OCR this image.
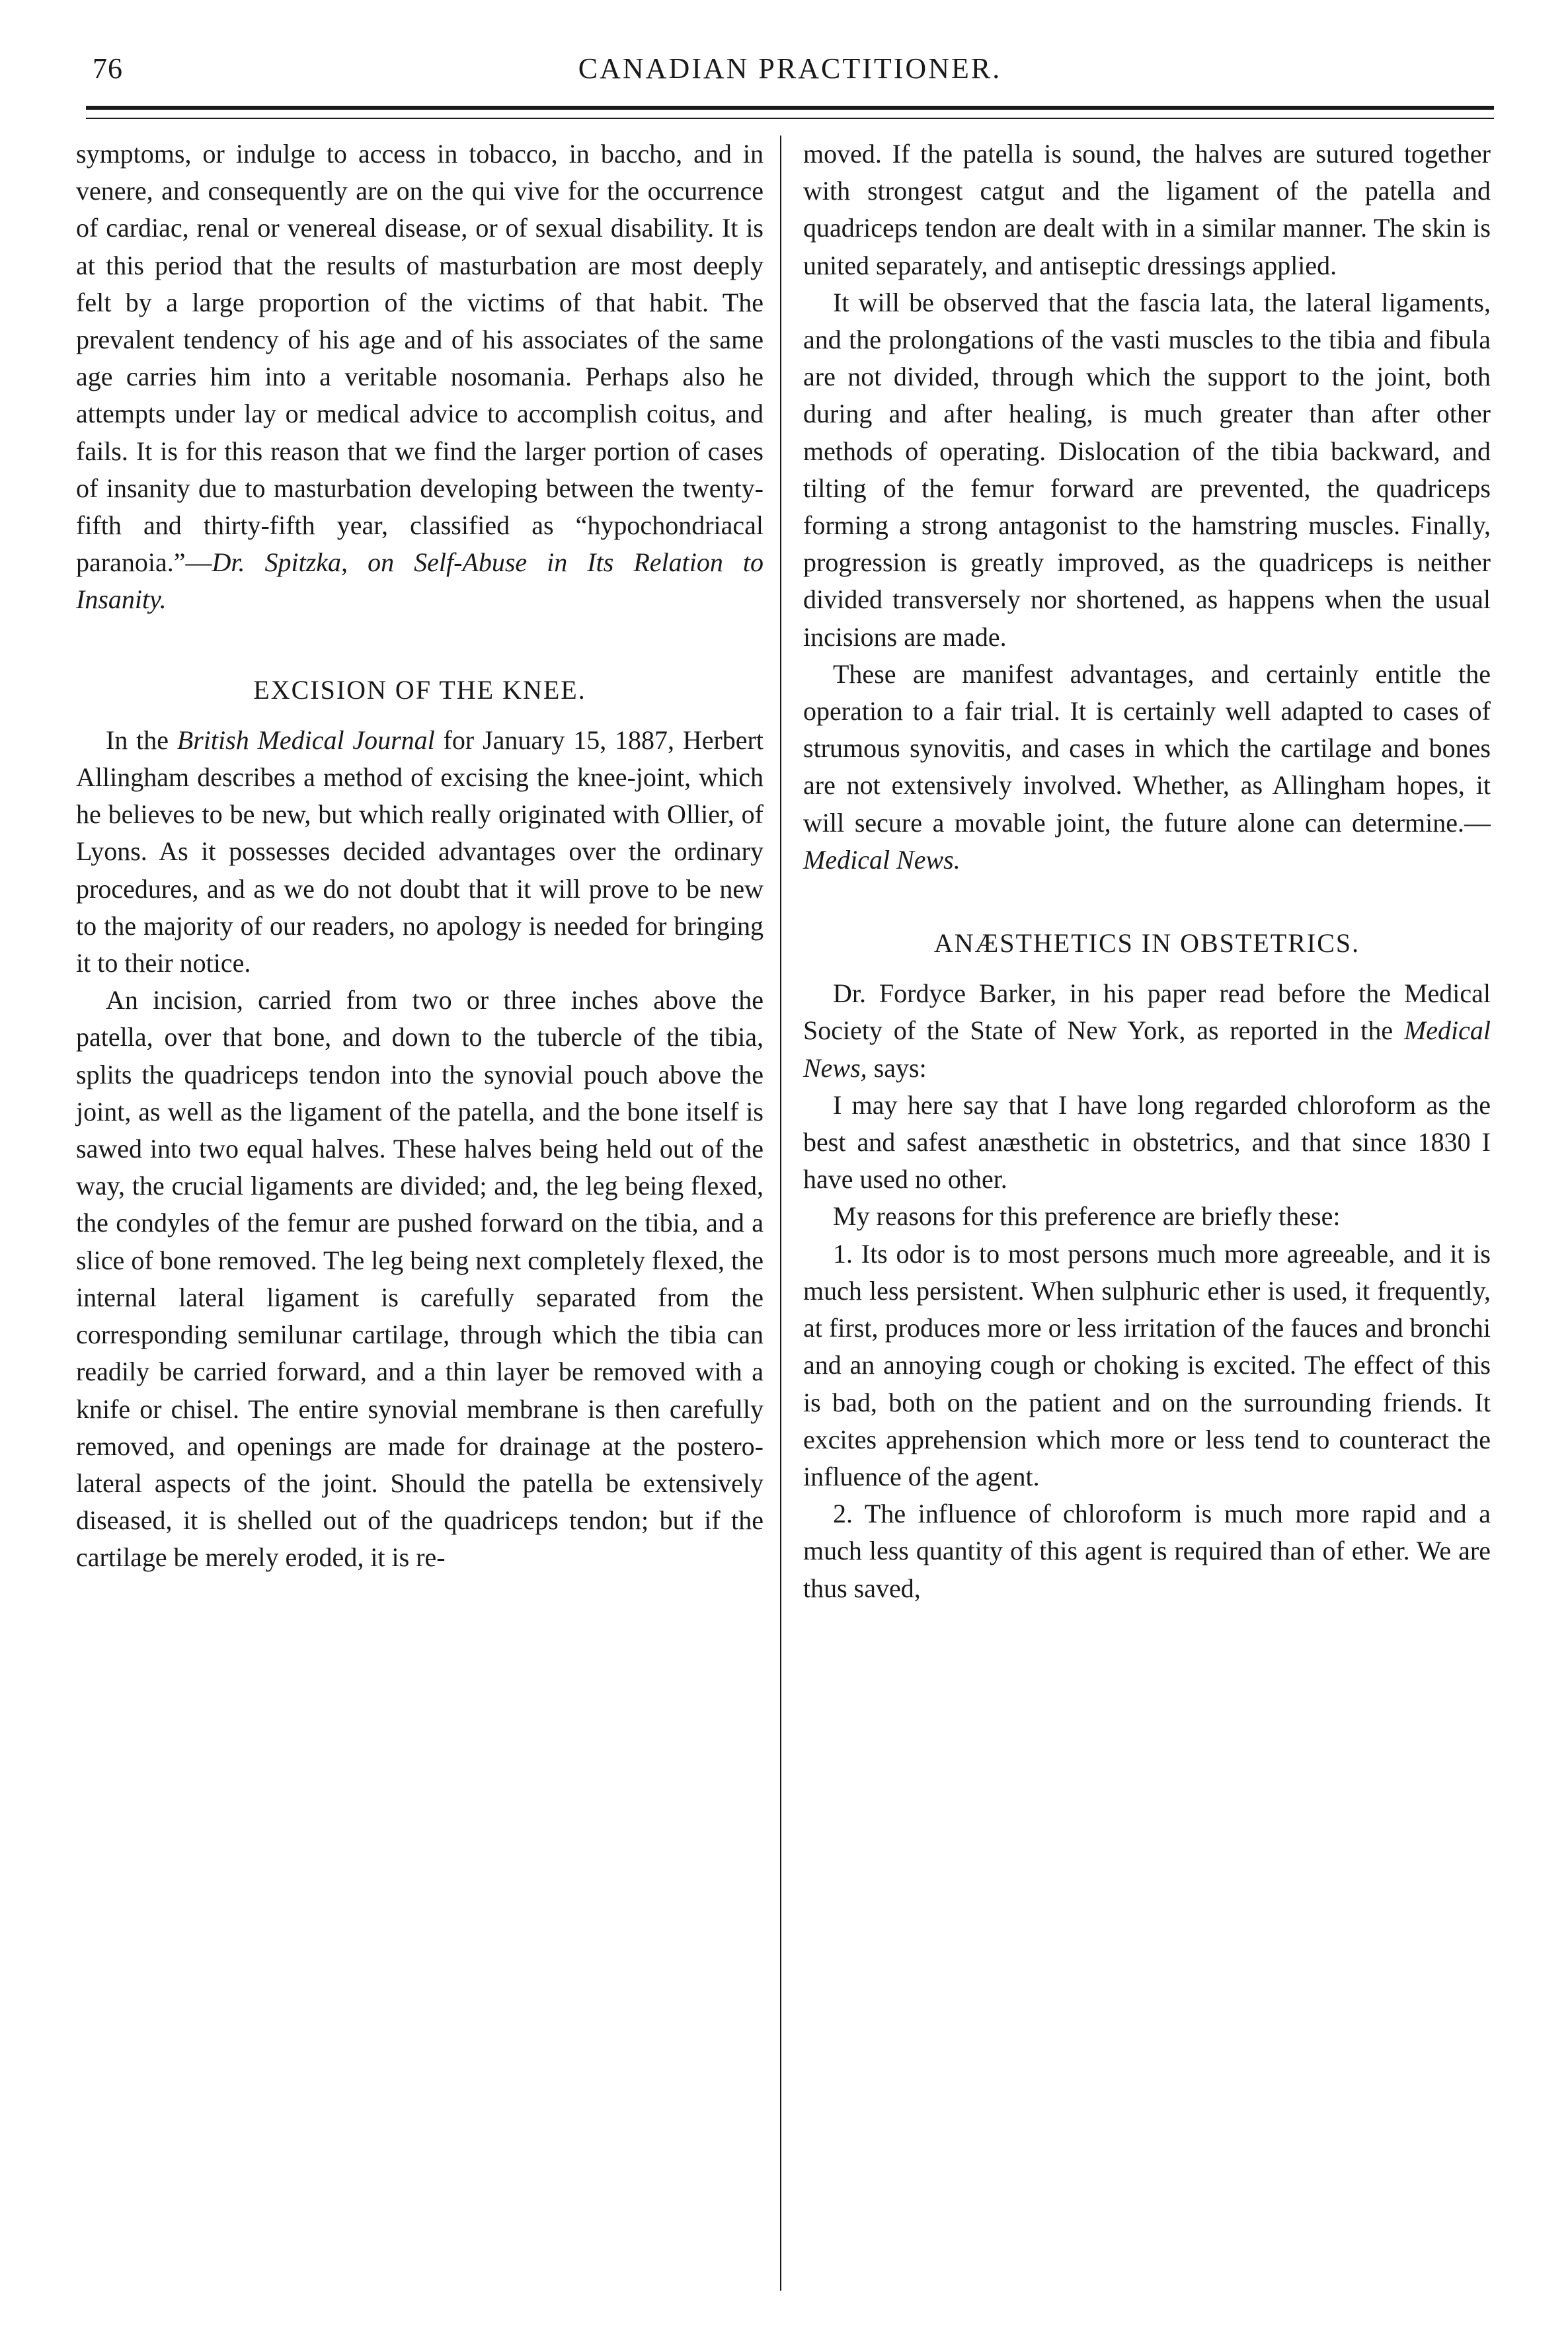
76	CANADIAN PRACTITIONER.

symptoms, or indulge to access in tobacco, in baccho, and in venere, and consequently are on the qui vive for the occurrence of cardiac, renal or venereal disease, or of sexual disability. It is at this period that the results of masturbation are most deeply felt by a large proportion of the victims of that habit. The prevalent tendency of his age and of his associates of the same age carries him into a veritable nosomania. Perhaps also he attempts under lay or medical advice to accomplish coitus, and fails. It is for this reason that we find the larger portion of cases of insanity due to masturbation developing between the twenty-fifth and thirty-fifth year, classified as “hypochondriacal paranoia.”—Dr. Spitzka, on Self-Abuse in Its Relation to Insanity.

EXCISION OF THE KNEE.

In the British Medical Journal for January 15, 1887, Herbert Allingham describes a method of excising the knee-joint, which he believes to be new, but which really originated with Ollier, of Lyons. As it possesses decided advantages over the ordinary procedures, and as we do not doubt that it will prove to be new to the majority of our readers, no apology is needed for bringing it to their notice.

An incision, carried from two or three inches above the patella, over that bone, and down to the tubercle of the tibia, splits the quadriceps tendon into the synovial pouch above the joint, as well as the ligament of the patella, and the bone itself is sawed into two equal halves. These halves being held out of the way, the crucial ligaments are divided; and, the leg being flexed, the condyles of the femur are pushed forward on the tibia, and a slice of bone removed. The leg being next completely flexed, the internal lateral ligament is carefully separated from the corresponding semilunar cartilage, through which the tibia can readily be carried forward, and a thin layer be removed with a knife or chisel. The entire synovial membrane is then carefully removed, and openings are made for drainage at the postero-lateral aspects of the joint. Should the patella be extensively diseased, it is shelled out of the quadriceps tendon; but if the cartilage be merely eroded, it is re-

moved. If the patella is sound, the halves are sutured together with strongest catgut and the ligament of the patella and quadriceps tendon are dealt with in a similar manner. The skin is united separately, and antiseptic dressings applied.

It will be observed that the fascia lata, the lateral ligaments, and the prolongations of the vasti muscles to the tibia and fibula are not divided, through which the support to the joint, both during and after healing, is much greater than after other methods of operating. Dislocation of the tibia backward, and tilting of the femur forward are prevented, the quadriceps forming a strong antagonist to the hamstring muscles. Finally, progression is greatly improved, as the quadriceps is neither divided transversely nor shortened, as happens when the usual incisions are made.

These are manifest advantages, and certainly entitle the operation to a fair trial. It is certainly well adapted to cases of strumous synovitis, and cases in which the cartilage and bones are not extensively involved. Whether, as Allingham hopes, it will secure a movable joint, the future alone can determine.—Medical News.

ANÆSTHETICS IN OBSTETRICS.

Dr. Fordyce Barker, in his paper read before the Medical Society of the State of New York, as reported in the Medical News, says:

I may here say that I have long regarded chloroform as the best and safest anæsthetic in obstetrics, and that since 1830 I have used no other.

My reasons for this preference are briefly these:

1. Its odor is to most persons much more agreeable, and it is much less persistent. When sulphuric ether is used, it frequently, at first, produces more or less irritation of the fauces and bronchi and an annoying cough or choking is excited. The effect of this is bad, both on the patient and on the surrounding friends. It excites apprehension which more or less tend to counteract the influence of the agent.

2. The influence of chloroform is much more rapid and a much less quantity of this agent is required than of ether. We are thus saved,
